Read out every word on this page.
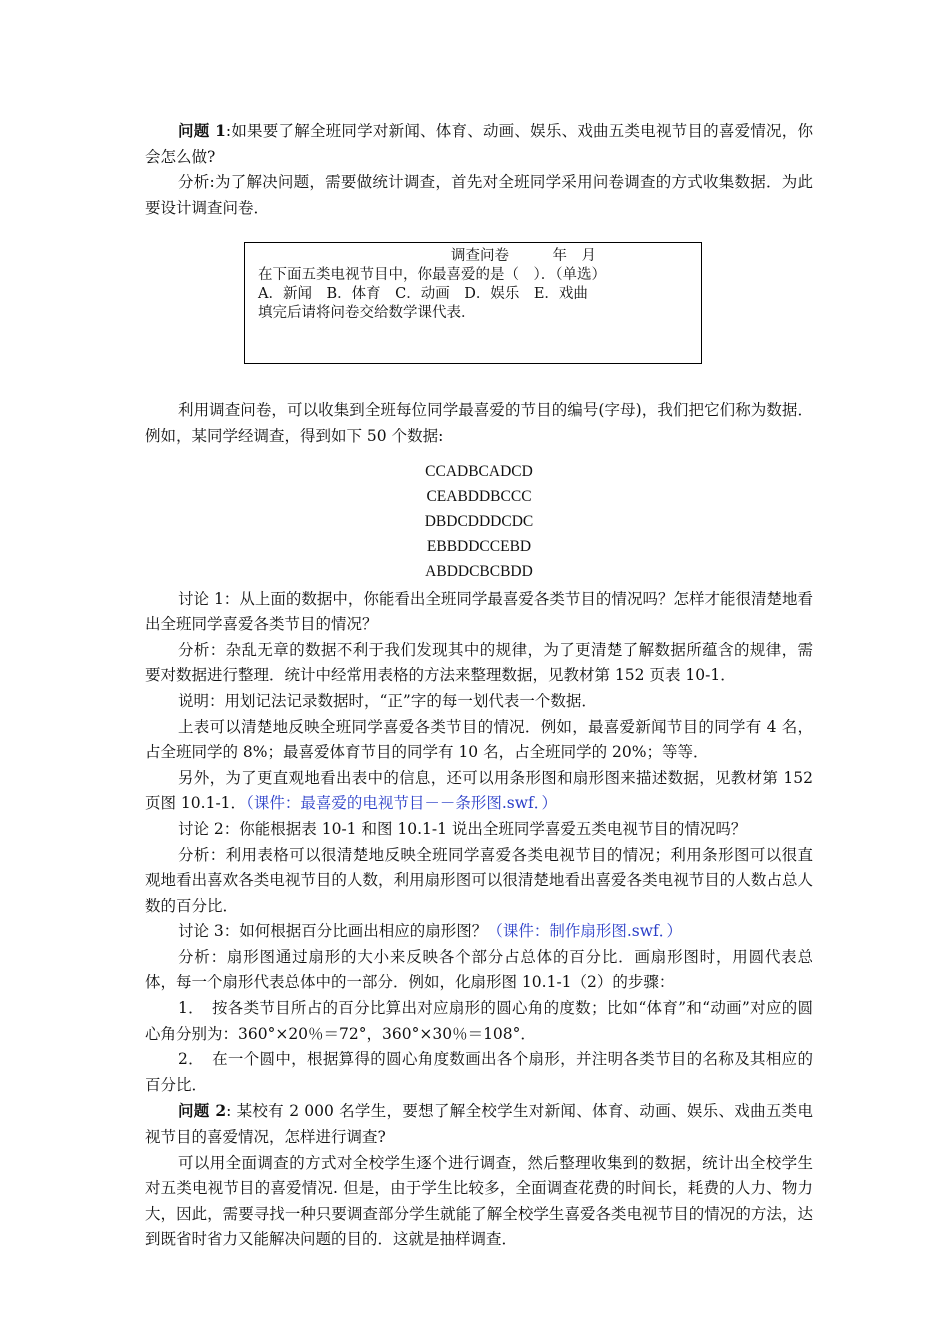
问题 1:如果要了解全班同学对新闻、体育、动画、娱乐、戏曲五类电视节目的喜爱情况，你会怎么做?

分析:为了解决问题，需要做统计调查，首先对全班同学采用问卷调查的方式收集数据．为此要设计调查问卷．

调查问卷　　　年　月

在下面五类电视节目中，你最喜爱的是（　）．（单选）

A．新闻　B．体育　C．动画　D．娱乐　E．戏曲

填完后请将问卷交给数学课代表．

利用调查问卷，可以收集到全班每位同学最喜爱的节目的编号(字母)，我们把它们称为数据．例如，某同学经调查，得到如下 50 个数据:

CCADBCADCD

CEABDDBCCC

DBDCDDDCDC

EBBDDCCEBD

ABDDCBCBDD

讨论 1：从上面的数据中，你能看出全班同学最喜爱各类节目的情况吗？怎样才能很清楚地看出全班同学喜爱各类节目的情况？

分析：杂乱无章的数据不利于我们发现其中的规律，为了更清楚了解数据所蕴含的规律，需要对数据进行整理．统计中经常用表格的方法来整理数据，见教材第 152 页表 10-1．

说明：用划记法记录数据时，“正”字的每一划代表一个数据．

上表可以清楚地反映全班同学喜爱各类节目的情况．例如，最喜爱新闻节目的同学有 4 名，占全班同学的 8%；最喜爱体育节目的同学有 10 名，占全班同学的 20%；等等．

另外，为了更直观地看出表中的信息，还可以用条形图和扇形图来描述数据，见教材第 152 页图 10.1-1．（课件：最喜爱的电视节目－－条形图.swf．）

讨论 2：你能根据表 10-1 和图 10.1-1 说出全班同学喜爱五类电视节目的情况吗？

分析：利用表格可以很清楚地反映全班同学喜爱各类电视节目的情况；利用条形图可以很直观地看出喜欢各类电视节目的人数，利用扇形图可以很清楚地看出喜爱各类电视节目的人数占总人数的百分比．

讨论 3：如何根据百分比画出相应的扇形图？（课件：制作扇形图.swf．）

分析：扇形图通过扇形的大小来反映各个部分占总体的百分比．画扇形图时，用圆代表总体，每一个扇形代表总体中的一部分．例如，化扇形图 10.1-1（2）的步骤：

1．　按各类节目所占的百分比算出对应扇形的圆心角的度数；比如“体育”和“动画”对应的圆心角分别为：360°×20％＝72°，360°×30％＝108°．

2．　在一个圆中，根据算得的圆心角度数画出各个扇形，并注明各类节目的名称及其相应的百分比．

问题 2: 某校有 2 000 名学生，要想了解全校学生对新闻、体育、动画、娱乐、戏曲五类电视节目的喜爱情况，怎样进行调查?

可以用全面调查的方式对全校学生逐个进行调查，然后整理收集到的数据，统计出全校学生对五类电视节目的喜爱情况. 但是，由于学生比较多，全面调查花费的时间长，耗费的人力、物力大，因此，需要寻找一种只要调查部分学生就能了解全校学生喜爱各类电视节目的情况的方法，达到既省时省力又能解决问题的目的．这就是抽样调查．
